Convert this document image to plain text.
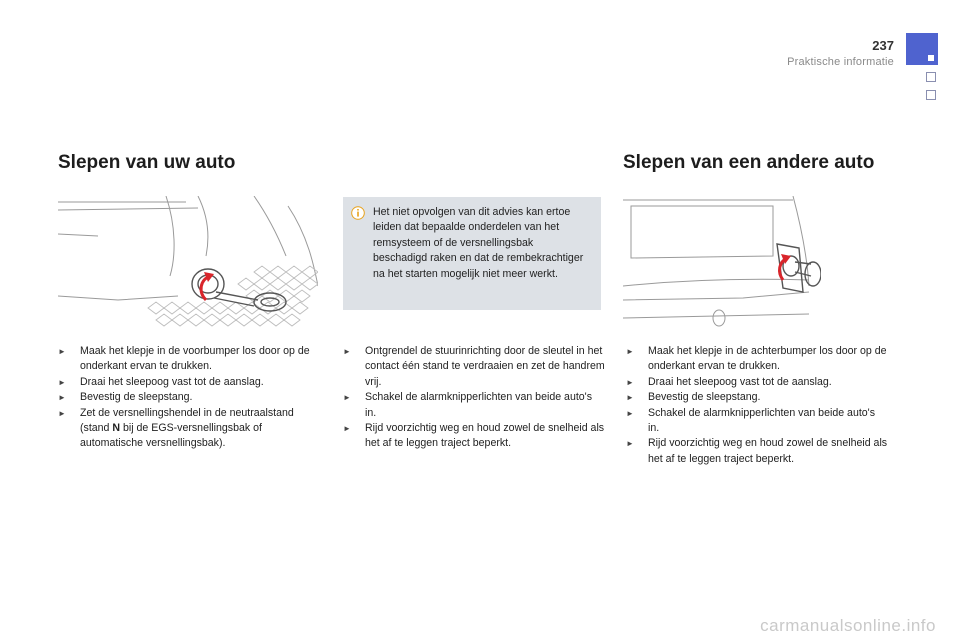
237
Praktische informatie
Slepen van uw auto	Slepen van een andere auto
Het niet opvolgen van dit advies kan ertoe leiden dat bepaalde onderdelen van het remsysteem of de versnellingsbak beschadigd raken en dat de rembekrachtiger na het starten mogelijk niet meer werkt.
► Maak het klepje in de voorbumper los door op de onderkant ervan te drukken.
► Draai het sleepoog vast tot de aanslag.
► Bevestig de sleepstang.
► Zet de versnellingshendel in de neutraalstand (stand N bij de EGS-versnellingsbak of automatische versnellingsbak).
► Ontgrendel de stuurinrichting door de sleutel in het contact één stand te verdraaien en zet de handrem vrij.
► Schakel de alarmknipperlichten van beide auto's in.
► Rijd voorzichtig weg en houd zowel de snelheid als het af te leggen traject beperkt.
► Maak het klepje in de achterbumper los door op de onderkant ervan te drukken.
► Draai het sleepoog vast tot de aanslag.
► Bevestig de sleepstang.
► Schakel de alarmknipperlichten van beide auto's in.
► Rijd voorzichtig weg en houd zowel de snelheid als het af te leggen traject beperkt.
carmanualsonline.info
